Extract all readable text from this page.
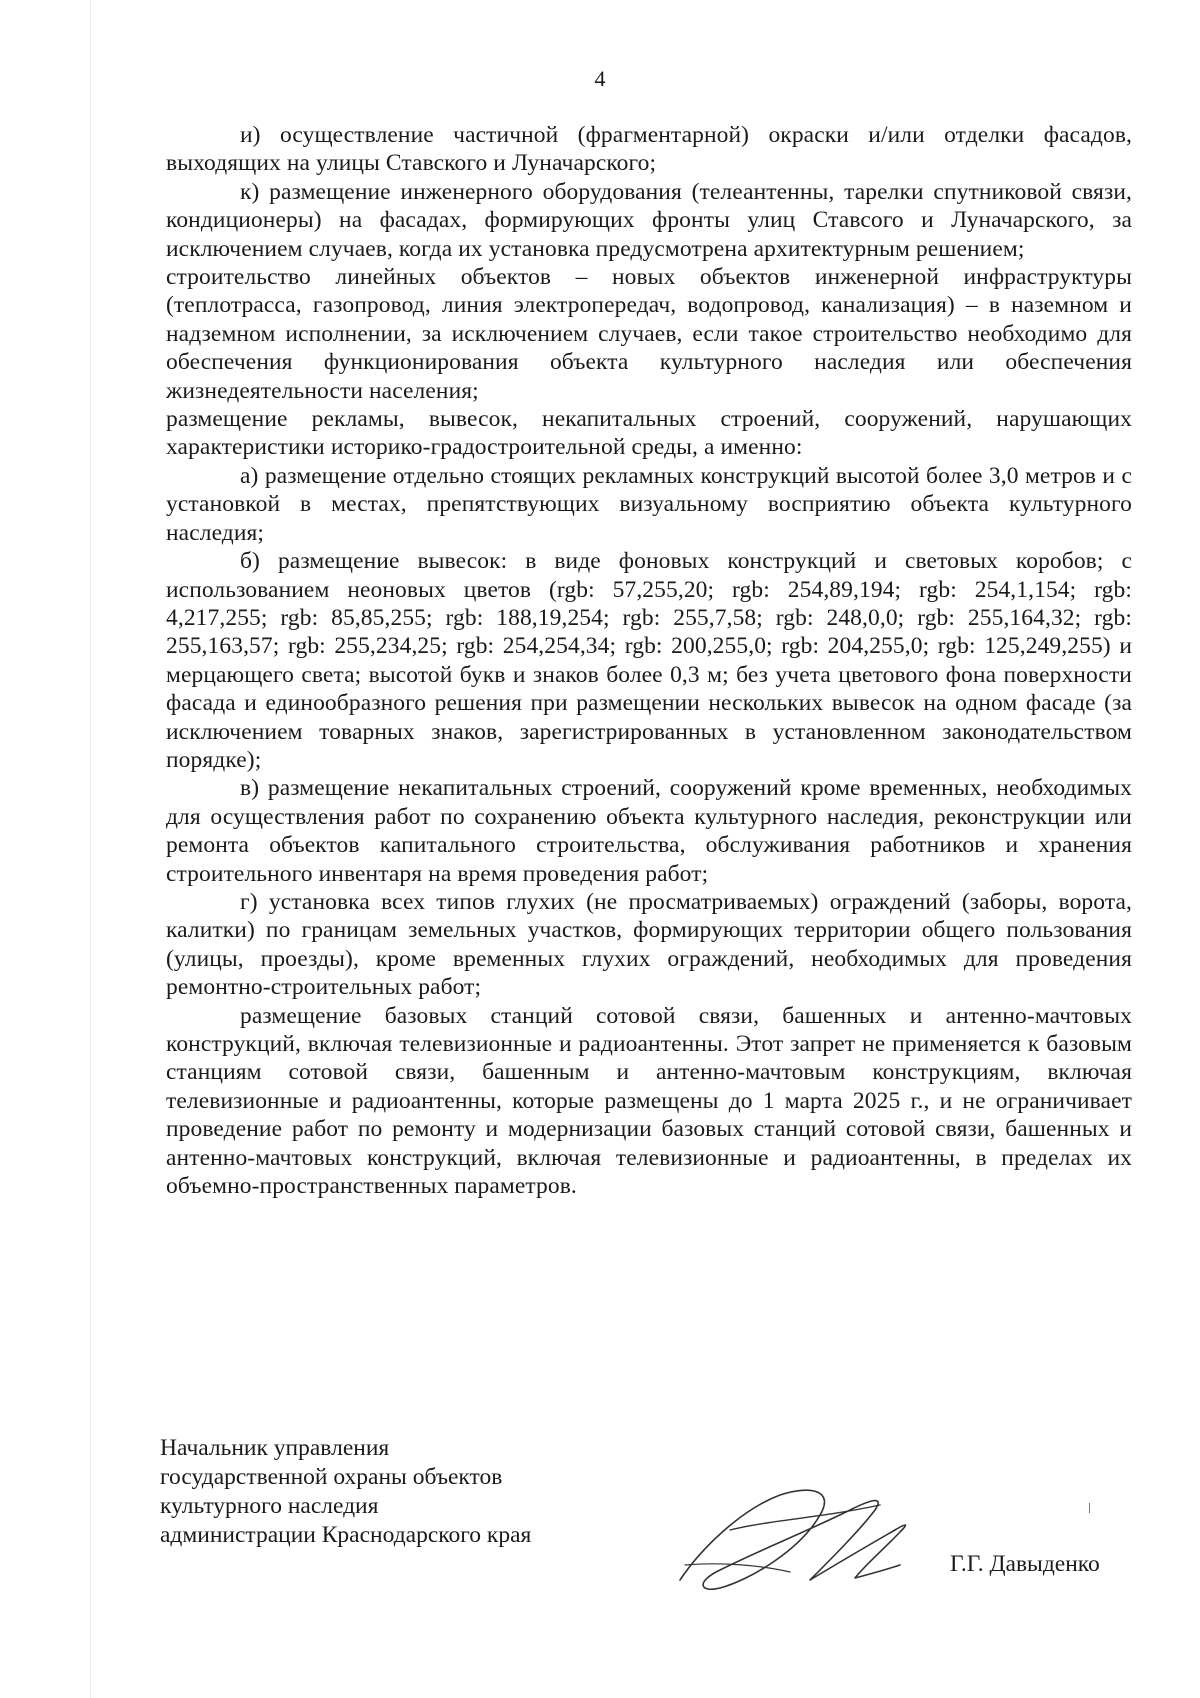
4

и) осуществление частичной (фрагментарной) окраски и/или отделки фасадов, выходящих на улицы Ставского и Луначарского;

к) размещение инженерного оборудования (телеантенны, тарелки спутниковой связи, кондиционеры) на фасадах, формирующих фронты улиц Ставсого и Луначарского, за исключением случаев, когда их установка предусмотрена архитектурным решением;

строительство линейных объектов – новых объектов инженерной инфраструктуры (теплотрасса, газопровод, линия электропередач, водопровод, канализация) – в наземном и надземном исполнении, за исключением случаев, если такое строительство необходимо для обеспечения функционирования объекта культурного наследия или обеспечения жизнедеятельности населения;

размещение рекламы, вывесок, некапитальных строений, сооружений, нарушающих характеристики историко-градостроительной среды, а именно:

а) размещение отдельно стоящих рекламных конструкций высотой более 3,0 метров и с установкой в местах, препятствующих визуальному восприятию объекта культурного наследия;

б) размещение вывесок: в виде фоновых конструкций и световых коробов; с использованием неоновых цветов (rgb: 57,255,20; rgb: 254,89,194; rgb: 254,1,154; rgb: 4,217,255; rgb: 85,85,255; rgb: 188,19,254; rgb: 255,7,58; rgb: 248,0,0; rgb: 255,164,32; rgb: 255,163,57; rgb: 255,234,25; rgb: 254,254,34; rgb: 200,255,0; rgb: 204,255,0; rgb: 125,249,255) и мерцающего света; высотой букв и знаков более 0,3 м; без учета цветового фона поверхности фасада и единообразного решения при размещении нескольких вывесок на одном фасаде (за исключением товарных знаков, зарегистрированных в установленном законодательством порядке);

в) размещение некапитальных строений, сооружений кроме временных, необходимых для осуществления работ по сохранению объекта культурного наследия, реконструкции или ремонта объектов капитального строительства, обслуживания работников и хранения строительного инвентаря на время проведения работ;

г) установка всех типов глухих (не просматриваемых) ограждений (заборы, ворота, калитки) по границам земельных участков, формирующих территории общего пользования (улицы, проезды), кроме временных глухих ограждений, необходимых для проведения ремонтно-строительных работ;

размещение базовых станций сотовой связи, башенных и антенно-мачтовых конструкций, включая телевизионные и радиоантенны. Этот запрет не применяется к базовым станциям сотовой связи, башенным и антенно-мачтовым конструкциям, включая телевизионные и радиоантенны, которые размещены до 1 марта 2025 г., и не ограничивает проведение работ по ремонту и модернизации базовых станций сотовой связи, башенных и антенно-мачтовых конструкций, включая телевизионные и радиоантенны, в пределах их объемно-пространственных параметров.

Начальник управления
государственной охраны объектов
культурного наследия
администрации Краснодарского края
Г.Г. Давыденко
